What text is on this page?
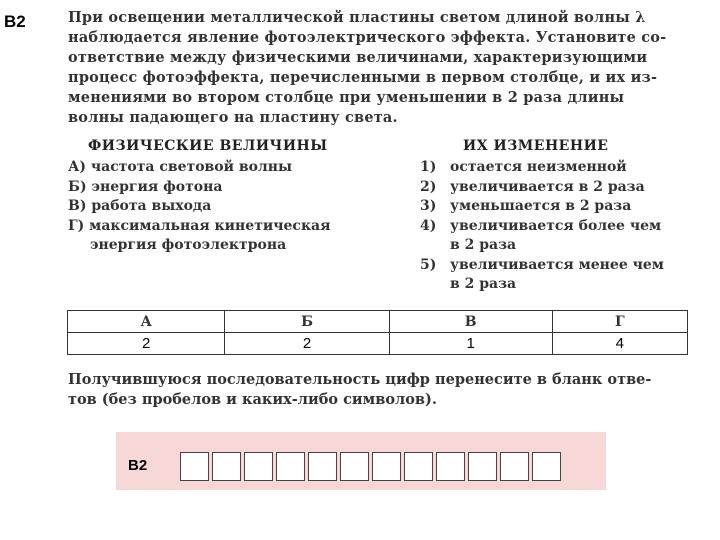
B2	При освещении металлической пластины светом длиной волны λ
наблюдается явление фотоэлектрического эффекта. Установите со-
ответствие между физическими величинами, характеризующими
процесс фотоэффекта, перечисленными в первом столбце, и их из-
менениями во втором столбце при уменьшении в 2 раза длины
волны падающего на пластину света.
ФИЗИЧЕСКИЕ ВЕЛИЧИНЫ
А) частота световой волны
Б) энергия фотона
В) работа выхода
Г) максимальная кинетическая
энергия фотоэлектрона
ИХ ИЗМЕНЕНИЕ
1) остается неизменной
2) увеличивается в 2 раза
3) уменьшается в 2 раза
4) увеличивается более чем
в 2 раза
5) увеличивается менее чем
в 2 раза
А	Б	В	Г
2	2	1	4
Получившуюся последовательность цифр перенесите в бланк отве-
тов (без пробелов и каких-либо символов).
B2
